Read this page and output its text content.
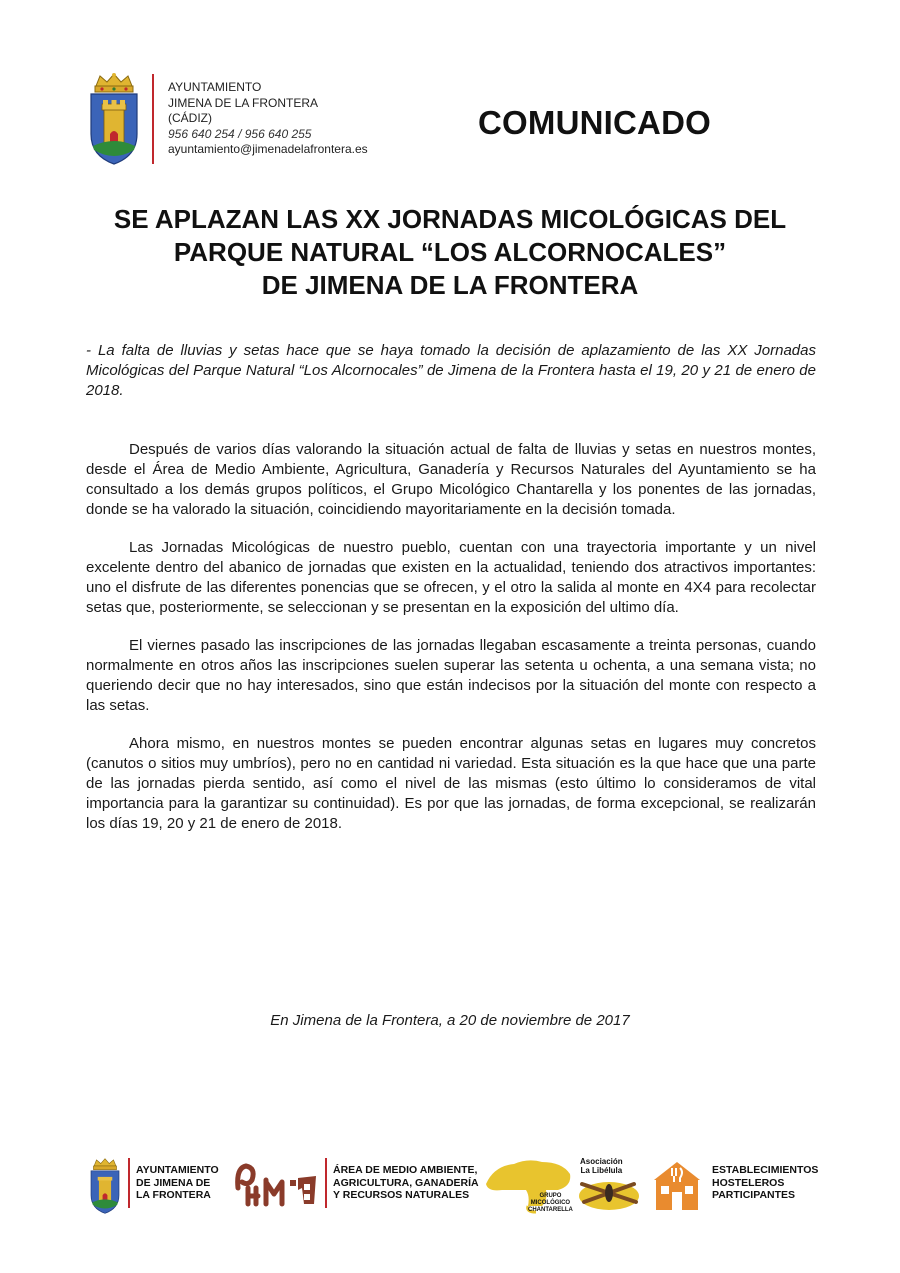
AYUNTAMIENTO
JIMENA DE LA FRONTERA
(CÁDIZ)
956 640 254 / 956 640 255
ayuntamiento@jimenadelafrontera.es
COMUNICADO
SE APLAZAN LAS XX JORNADAS MICOLÓGICAS DEL
PARQUE NATURAL “LOS ALCORNOCALES”
DE JIMENA DE LA FRONTERA
- La falta de lluvias y setas hace que se haya tomado la decisión de aplazamiento de las XX Jornadas Micológicas del Parque Natural “Los Alcornocales” de Jimena de la Frontera hasta el 19, 20 y 21 de enero de 2018.

Después de varios días valorando la situación actual de falta de lluvias y setas en nuestros montes, desde el Área de Medio Ambiente, Agricultura, Ganadería y Recursos Naturales del Ayuntamiento se ha consultado a los demás grupos políticos, el Grupo Micológico Chantarella y los ponentes de las jornadas, donde se ha valorado la situación, coincidiendo mayoritariamente en la decisión tomada.

Las Jornadas Micológicas de nuestro pueblo, cuentan con una trayectoria importante y un nivel excelente dentro del abanico de jornadas que existen en la actualidad, teniendo dos atractivos importantes: uno el disfrute de las diferentes ponencias que se ofrecen, y el otro la salida al monte en 4X4 para recolectar setas que, posteriormente, se seleccionan y se presentan en la exposición del ultimo día.

El viernes pasado las inscripciones de las jornadas llegaban escasamente a treinta personas, cuando normalmente en otros años las inscripciones suelen superar las setenta u ochenta, a una semana vista; no queriendo decir que no hay interesados, sino que están indecisos por la situación del monte con respecto a las setas.

Ahora mismo, en nuestros montes se pueden encontrar algunas setas en lugares muy concretos (canutos o sitios muy umbríos), pero no en cantidad ni variedad. Esta situación es la que hace que una parte de las jornadas pierda sentido, así como el nivel de las mismas (esto último lo consideramos de vital importancia para la garantizar su continuidad). Es por que las jornadas, de forma excepcional, se realizarán los días 19, 20 y 21 de enero de 2018.

En Jimena de la Frontera, a 20 de noviembre de 2017
AYUNTAMIENTO
DE JIMENA DE
LA FRONTERA
ÁREA DE MEDIO AMBIENTE,
AGRICULTURA, GANADERÍA
Y RECURSOS NATURALES	GRUPO
MICOLÓGICO
CHANTARELLA
Asociación
La Libélula	ESTABLECIMIENTOS
HOSTELEROS
PARTICIPANTES
